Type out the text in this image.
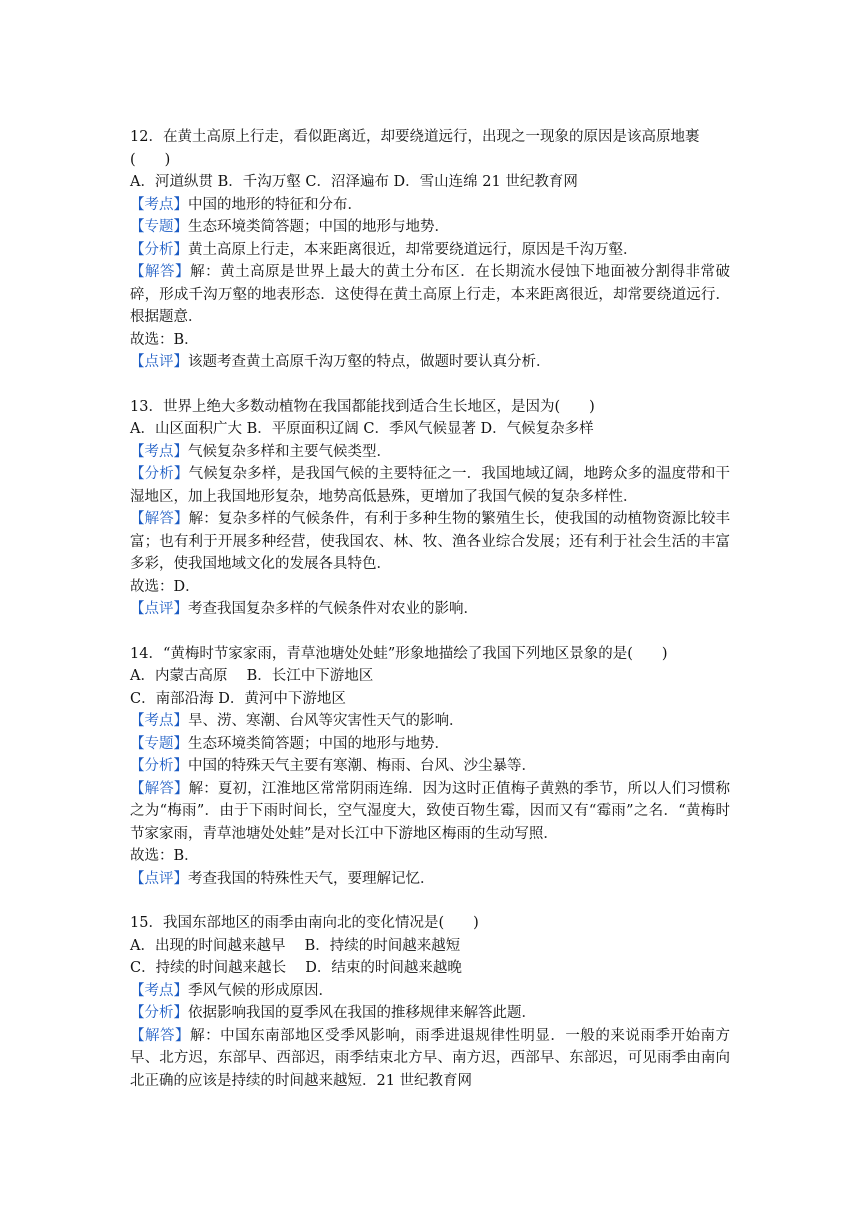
12．在黄土高原上行走，看似距离近，却要绕道远行，出现之一现象的原因是该高原地裹
(　　)
A．河道纵贯 B．千沟万壑 C．沼泽遍布 D．雪山连绵 21 世纪教育网
【考点】中国的地形的特征和分布．
【专题】生态环境类简答题；中国的地形与地势．
【分析】黄土高原上行走，本来距离很近，却常要绕道远行，原因是千沟万壑．
【解答】解：黄土高原是世界上最大的黄土分布区．在长期流水侵蚀下地面被分割得非常破碎，形成千沟万壑的地表形态．这使得在黄土高原上行走，本来距离很近，却常要绕道远行．根据题意．
故选：B．
【点评】该题考查黄土高原千沟万壑的特点，做题时要认真分析．
13．世界上绝大多数动植物在我国都能找到适合生长地区，是因为(　　)
A．山区面积广大 B．平原面积辽阔 C．季风气候显著 D．气候复杂多样
【考点】气候复杂多样和主要气候类型．
【分析】气候复杂多样，是我国气候的主要特征之一．我国地域辽阔，地跨众多的温度带和干湿地区，加上我国地形复杂，地势高低悬殊，更增加了我国气候的复杂多样性．
【解答】解：复杂多样的气候条件，有利于多种生物的繁殖生长，使我国的动植物资源比较丰富；也有利于开展多种经营，使我国农、林、牧、渔各业综合发展；还有利于社会生活的丰富多彩，使我国地域文化的发展各具特色．
故选：D．
【点评】考查我国复杂多样的气候条件对农业的影响．
14．“黄梅时节家家雨，青草池塘处处蛙”形象地描绘了我国下列地区景象的是(　　)
A．内蒙古高原　 B．长江中下游地区
C．南部沿海 D．黄河中下游地区
【考点】旱、涝、寒潮、台风等灾害性天气的影响．
【专题】生态环境类简答题；中国的地形与地势．
【分析】中国的特殊天气主要有寒潮、梅雨、台风、沙尘暴等．
【解答】解：夏初，江淮地区常常阴雨连绵．因为这时正值梅子黄熟的季节，所以人们习惯称之为“梅雨”．由于下雨时间长，空气湿度大，致使百物生霉，因而又有“霉雨”之名．“黄梅时节家家雨，青草池塘处处蛙”是对长江中下游地区梅雨的生动写照．
故选：B．
【点评】考查我国的特殊性天气，要理解记忆．
15．我国东部地区的雨季由南向北的变化情况是(　　)
A．出现的时间越来越早　 B．持续的时间越来越短
C．持续的时间越来越长　 D．结束的时间越来越晚
【考点】季风气候的形成原因．
【分析】依据影响我国的夏季风在我国的推移规律来解答此题．
【解答】解：中国东南部地区受季风影响，雨季进退规律性明显．一般的来说雨季开始南方早、北方迟，东部早、西部迟，雨季结束北方早、南方迟，西部早、东部迟，可见雨季由南向北正确的应该是持续的时间越来越短．21 世纪教育网
